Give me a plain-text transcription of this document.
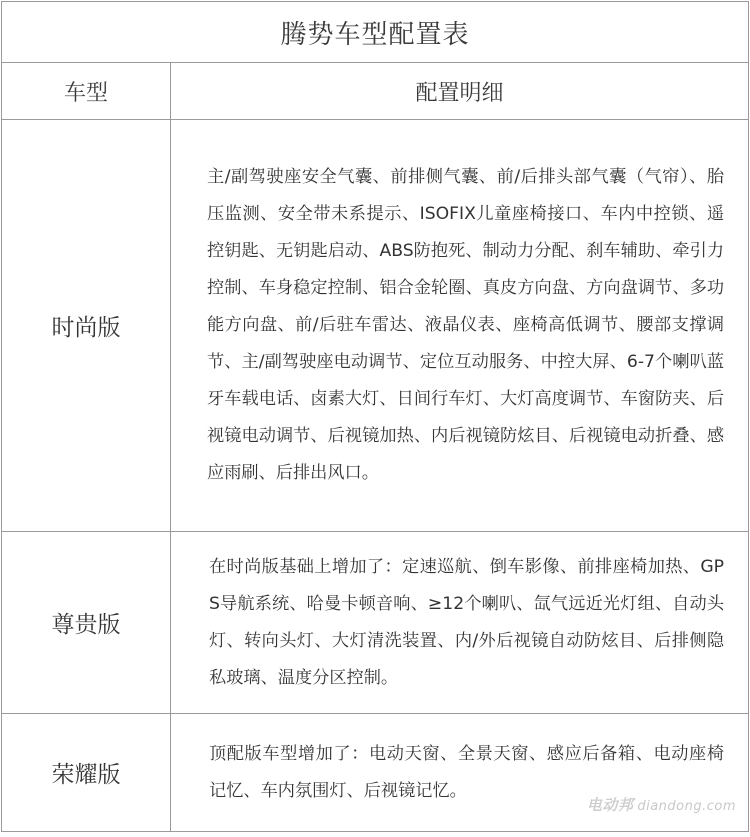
腾势车型配置表	
车型	配置明细
时尚版	主/副驾驶座安全气囊、前排侧气囊、前/后排头部气囊（气帘）、胎压监测、安全带未系提示、ISOFIX儿童座椅接口、车内中控锁、遥控钥匙、无钥匙启动、ABS防抱死、制动力分配、刹车辅助、牵引力控制、车身稳定控制、铝合金轮圈、真皮方向盘、方向盘调节、多功能方向盘、前/后驻车雷达、液晶仪表、座椅高低调节、腰部支撑调节、主/副驾驶座电动调节、定位互动服务、中控大屏、6-7个喇叭蓝牙车载电话、卤素大灯、日间行车灯、大灯高度调节、车窗防夹、后视镜电动调节、后视镜加热、内后视镜防炫目、后视镜电动折叠、感应雨刷、后排出风口。
尊贵版	在时尚版基础上增加了：定速巡航、倒车影像、前排座椅加热、GPS导航系统、哈曼卡顿音响、≥12个喇叭、氙气远近光灯组、自动头灯、转向头灯、大灯清洗装置、内/外后视镜自动防炫目、后排侧隐私玻璃、温度分区控制。
荣耀版	顶配版车型增加了：电动天窗、全景天窗、感应后备箱、电动座椅记忆、车内氛围灯、后视镜记忆。
电动邦 diandong.com
